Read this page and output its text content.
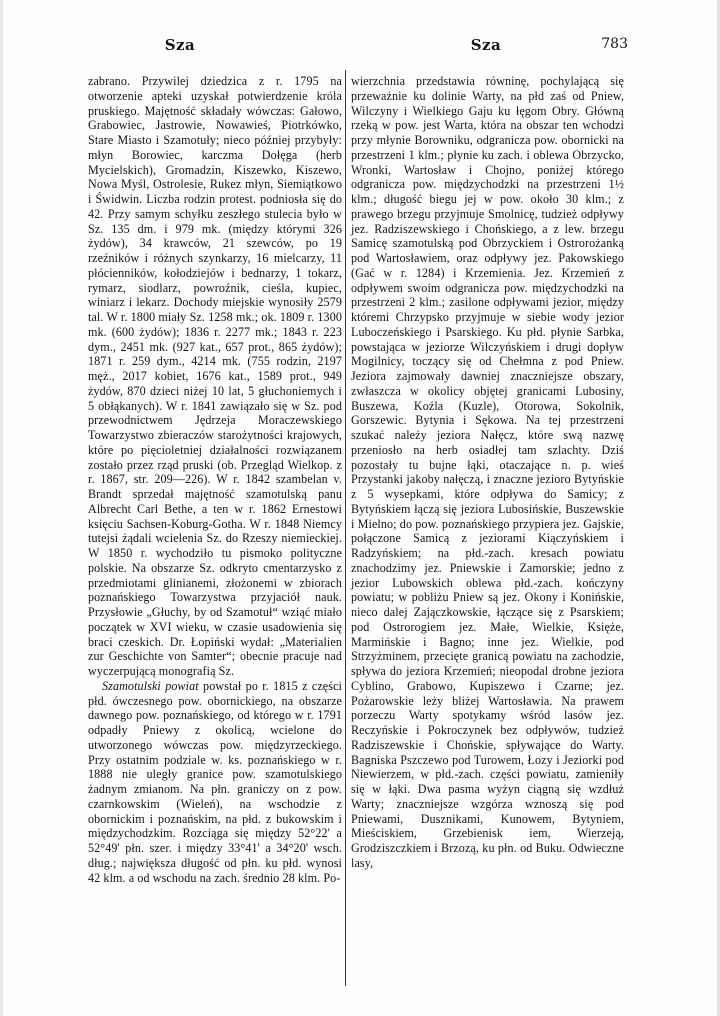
Sza	Sza	783

zabrano. Przywilej dziedzica z r. 1795 na otworzenie apteki uzyskał potwierdzenie króla pruskiego. Majętność składały wówczas: Gałowo, Grabowiec, Jastrowie, Nowawieś, Piotrkówko, Stare Miasto i Szamotuły; nieco później przybyły: młyn Borowiec, karczma Dołęga (herb Mycielskich), Gromadzin, Kiszewko, Kiszewo, Nowa Myśl, Ostrolesie, Rukez młyn, Siemiątkowo i Świdwin. Liczba rodzin protest. podniosła się do 42. Przy samym schyłku zeszłego stulecia było w Sz. 135 dm. i 979 mk. (między którymi 326 żydów), 34 krawców, 21 szewców, po 19 rzeźników i różnych szynkarzy, 16 mielcarzy, 11 płócienników, kołodziejów i bednarzy, 1 tokarz, rymarz, siodlarz, powroźnik, cieśla, kupiec, winiarz i lekarz. Dochody miejskie wynosiły 2579 tal. W r. 1800 miały Sz. 1258 mk.; ok. 1809 r. 1300 mk. (600 żydów); 1836 r. 2277 mk.; 1843 r. 223 dym., 2451 mk. (927 kat., 657 prot., 865 żydów); 1871 r. 259 dym., 4214 mk. (755 rodzin, 2197 męż., 2017 kobiet, 1676 kat., 1589 prot., 949 żydów, 870 dzieci niżej 10 lat, 5 głuchoniemych i 5 obłąkanych). W r. 1841 zawiązało się w Sz. pod przewodnictwem Jędrzeja Moraczewskiego Towarzystwo zbieraczów starożytności krajowych, które po pięcioletniej działalności rozwiązanem zostało przez rząd pruski (ob. Przegląd Wielkop. z r. 1867, str. 209—226). W r. 1842 szambelan v. Brandt sprzedał majętność szamotulską panu Albrecht Carl Bethe, a ten w r. 1862 Ernestowi księciu Sachsen-Koburg-Gotha. W r. 1848 Niemcy tutejsi żądali wcielenia Sz. do Rzeszy niemieckiej. W 1850 r. wychodziło tu pismoko polityczne polskie. Na obszarze Sz. odkryto cmentarzysko z przedmiotami glinianemi, złożonemi w zbiorach poznańskiego Towarzystwa przyjaciół nauk. Przysłowie „Głuchy, by od Szamotuł“ wziąć miało początek w XVI wieku, w czasie usadowienia się braci czeskich. Dr. Łopiński wydał: „Materialien zur Geschichte von Samter“; obecnie pracuje nad wyczerpującą monografią Sz.

Szamotulski powiat powstał po r. 1815 z części płd. ówczesnego pow. obornickiego, na obszarze dawnego pow. poznańskiego, od którego w r. 1791 odpadły Pniewy z okolicą, wcielone do utworzonego wówczas pow. międzyrzeckiego. Przy ostatnim podziale w. ks. poznańskiego w r. 1888 nie uległy granice pow. szamotulskiego żadnym zmianom. Na płn. graniczy on z pow. czarnkowskim (Wieleń), na wschodzie z obornickim i poznańskim, na płd. z bukowskim i międzychodzkim. Rozciąga się między 52°22' a 52°49' płn. szer. i między 33°41' a 34°20' wsch. dług.; największa długość od płn. ku płd. wynosi 42 klm. a od wschodu na zach. średnio 28 klm. Po-

wierzchnia przedstawia równinę, pochylającą się przeważnie ku dolinie Warty, na płd zaś od Pniew, Wilczyny i Wielkiego Gaju ku łęgom Obry. Główną rzeką w pow. jest Warta, która na obszar ten wchodzi przy młynie Borowniku, odgranicza pow. obornicki na przestrzeni 1 klm.; płynie ku zach. i oblewa Obrzycko, Wronki, Wartosław i Chojno, poniżej którego odgranicza pow. międzychodzki na przestrzeni 1½ klm.; długość biegu jej w pow. około 30 klm.; z prawego brzegu przyjmuje Smolnicę, tudzież odpływy jez. Radziszewskiego i Chońskiego, a z lew. brzegu Samicę szamotulską pod Obrzyckiem i Ostrorożanką pod Wartosławiem, oraz odpływy jez. Pakowskiego (Gać w r. 1284) i Krzemienia. Jez. Krzemień z odpływem swoim odgranicza pow. międzychodzki na przestrzeni 2 klm.; zasilone odpływami jezior, między któremi Chrzypsko przyjmuje w siebie wody jezior Luboczeńskiego i Psarskiego. Ku płd. płynie Sarbka, powstająca w jeziorze Wilczyńskiem i drugi dopływ Mogilnicy, toczący się od Chełmna z pod Pniew. Jeziora zajmowały dawniej znaczniejsze obszary, zwłaszcza w okolicy objętej granicami Lubosiny, Buszewa, Koźla (Kuzle), Otorowa, Sokolnik, Gorszewic. Bytynia i Sękowa. Na tej przestrzeni szukać należy jeziora Nałęcz, które swą nazwę przeniosło na herb osiadłej tam szlachty. Dziś pozostały tu bujne łąki, otaczające n. p. wieś Przystanki jakoby nałęczą, i znaczne jezioro Bytyńskie z 5 wysepkami, które odpływa do Samicy; z Bytyńskiem łączą się jeziora Lubosińskie, Buszewskie i Mielno; do pow. poznańskiego przypiera jez. Gajskie, połączone Samicą z jeziorami Kiączyńskiem i Radzyńskiem; na płd.-zach. kresach powiatu znachodzimy jez. Pniewskie i Zamorskie; jedno z jezior Lubowskich oblewa płd.-zach. kończyny powiatu; w pobliżu Pniew są jez. Okony i Konińskie, nieco dalej Zajączkowskie, łączące się z Psarskiem; pod Ostrorogiem jez. Małe, Wielkie, Księże, Marmińskie i Bagno; inne jez. Wielkie, pod Strzyżminem, przecięte granicą powiatu na zachodzie, spływa do jeziora Krzemień; nieopodal drobne jeziora Cyblino, Grabowo, Kupiszewo i Czarne; jez. Pożarowskie leży bliżej Wartosławia. Na prawem porzeczu Warty spotykamy wśród lasów jez. Reczyńskie i Pokroczynek bez odpływów, tudzież Radziszewskie i Chońskie, spływające do Warty. Bagniska Pszczewo pod Turowem, Łozy i Jeziorki pod Niewierzem, w płd.-zach. części powiatu, zamieniły się w łąki. Dwa pasma wyżyn ciągną się wzdłuż Warty; znaczniejsze wzgórza wznoszą się pod Pniewami, Dusznikami, Kunowem, Bytyniem, Mieściskiem, Grzebienisk iem, Wierzeją, Grodziszczkiem i Brzozą, ku płn. od Buku. Odwieczne lasy,
